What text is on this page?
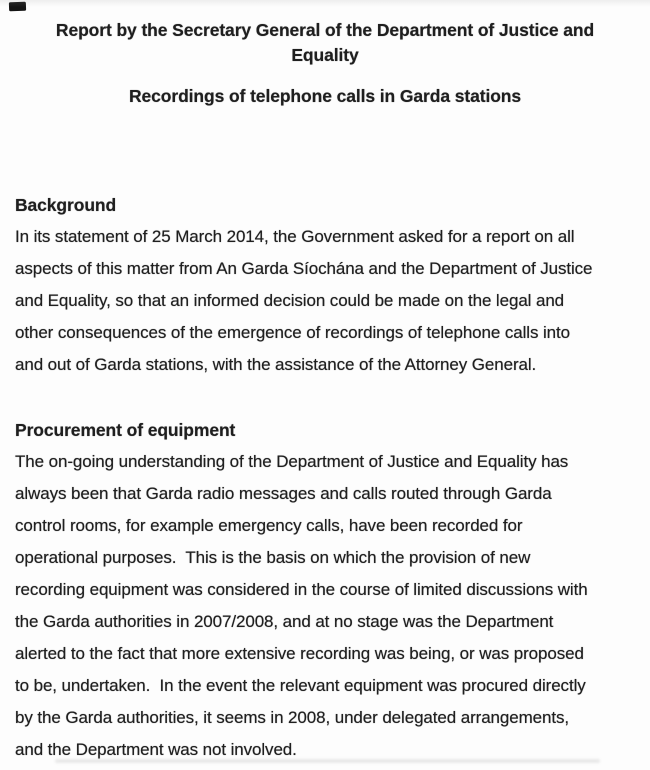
Report by the Secretary General of the Department of Justice and
Equality
Recordings of telephone calls in Garda stations
Background
In its statement of 25 March 2014, the Government asked for a report on all
aspects of this matter from An Garda Síochána and the Department of Justice
and Equality, so that an informed decision could be made on the legal and
other consequences of the emergence of recordings of telephone calls into
and out of Garda stations, with the assistance of the Attorney General.
Procurement of equipment
The on-going understanding of the Department of Justice and Equality has
always been that Garda radio messages and calls routed through Garda
control rooms, for example emergency calls, have been recorded for
operational purposes.  This is the basis on which the provision of new
recording equipment was considered in the course of limited discussions with
the Garda authorities in 2007/2008, and at no stage was the Department
alerted to the fact that more extensive recording was being, or was proposed
to be, undertaken.  In the event the relevant equipment was procured directly
by the Garda authorities, it seems in 2008, under delegated arrangements,
and the Department was not involved.
